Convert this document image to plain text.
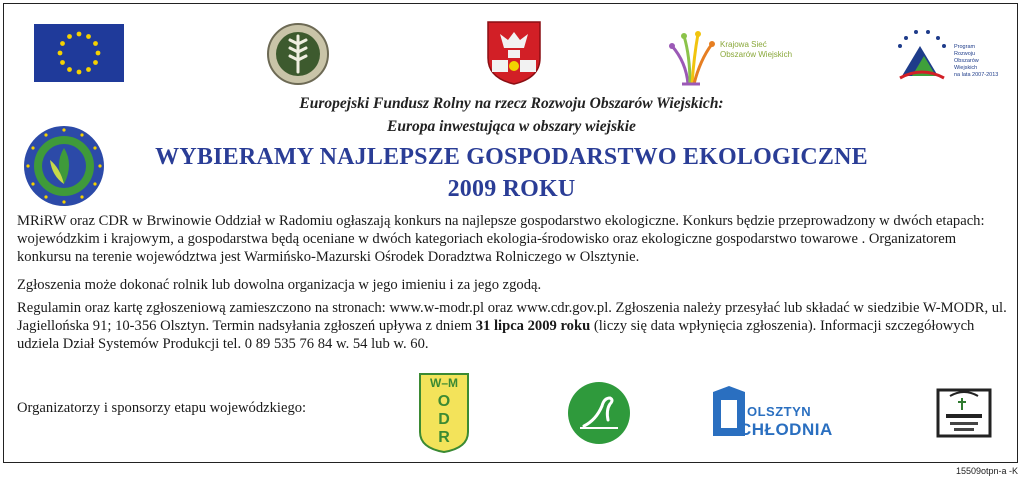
Krajowa Sieć
Obszarów Wiejskich
Program
Rozwoju
Obszarów
Wiejskich
na lata 2007-2013
Europejski Fundusz Rolny na rzecz Rozwoju Obszarów Wiejskich:
Europa inwestująca w obszary wiejskie
WYBIERAMY NAJLEPSZE GOSPODARSTWO EKOLOGICZNE
2009 ROKU
MRiRW oraz CDR w Brwinowie Oddział w Radomiu ogłaszają konkurs na najlepsze gospodarstwo ekologiczne. Konkurs będzie przeprowadzony w dwóch etapach: wojewódzkim i krajowym, a gospodarstwa będą oceniane w dwóch kategoriach ekologia-środowisko oraz ekologiczne gospodarstwo towarowe . Organizatorem konkursu na terenie województwa jest Warmińsko-Mazurski Ośrodek Doradztwa Rolniczego w Olsztynie.
Zgłoszenia może dokonać rolnik lub dowolna organizacja w jego imieniu i za jego zgodą.
Regulamin oraz kartę zgłoszeniową zamieszczono na stronach: www.w-modr.pl oraz www.cdr.gov.pl. Zgłoszenia należy przesyłać lub składać w siedzibie W-MODR, ul. Jagiellońska 91; 10-356 Olsztyn. Termin nadsyłania zgłoszeń upływa z dniem 31 lipca 2009 roku (liczy się data wpłynięcia zgłoszenia). Informacji szczegółowych udziela Dział Systemów Produkcji tel. 0 89 535 76 84 w. 54 lub w. 60.
Organizatorzy i sponsorzy etapu wojewódzkiego:
W–M
O
D
R
OLSZTYN
CHŁODNIA
15509otpn-a -K
